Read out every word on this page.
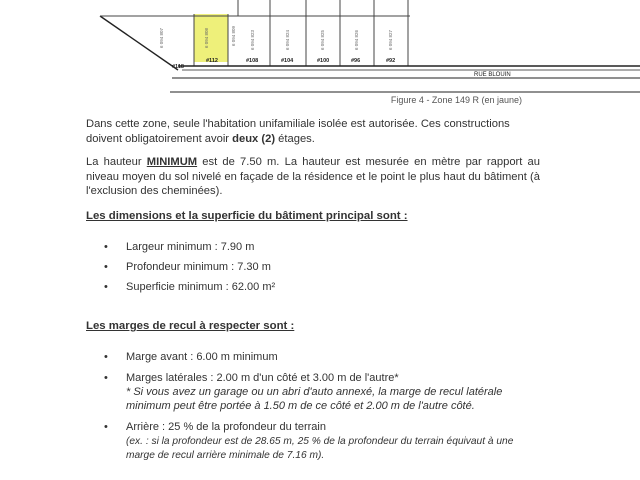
6 094 807	6 094 808	6 094 809	6 094 823	6 094 824	6 094 825	6 094 826	6 094 827
#118
#112	#108	#104	#100	#96	#92
RUE BLOUIN
Figure 4 - Zone 149 R (en jaune)

Dans cette zone, seule l'habitation unifamiliale isolée est autorisée. Ces constructions doivent obligatoirement avoir deux (2) étages.

La hauteur MINIMUM est de 7.50 m. La hauteur est mesurée en mètre par rapport au niveau moyen du sol nivelé en façade de la résidence et le point le plus haut du bâtiment (à l'exclusion des cheminées).

Les dimensions et la superficie du bâtiment principal sont :
• Largeur minimum : 7.90 m
• Profondeur minimum : 7.30 m
• Superficie minimum : 62.00 m²
Les marges de recul à respecter sont :
• Marge avant : 6.00 m minimum
• Marges latérales : 2.00 m d'un côté et 3.00 m de l'autre*
* Si vous avez un garage ou un abri d'auto annexé, la marge de recul latérale minimum peut être portée à 1.50 m de ce côté et 2.00 m de l'autre côté.
• Arrière : 25 % de la profondeur du terrain
(ex. : si la profondeur est de 28.65 m, 25 % de la profondeur du terrain équivaut à une marge de recul arrière minimale de 7.16 m).
